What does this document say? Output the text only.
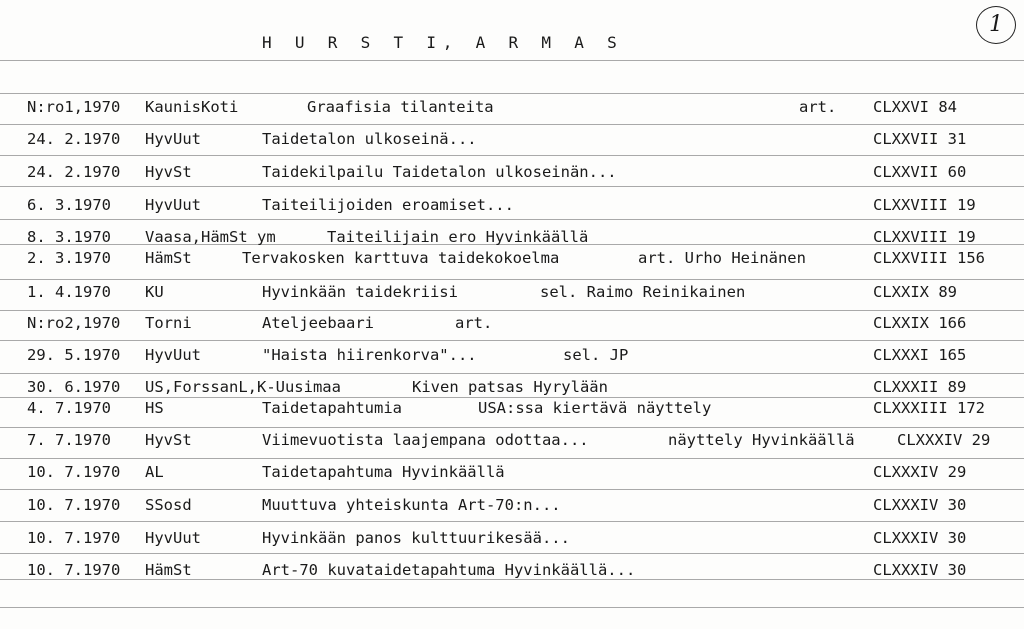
H U R S T I, A R M A S
1
N:ro1,1970 KaunisKoti	Graafisia tilanteita	art. CLXXVI 84
24. 2.1970 HyvUut	Taidetalon ulkoseinä...	CLXXVII 31
24. 2.1970 HyvSt	Taidekilpailu Taidetalon ulkoseinän...	CLXXVII 60
6. 3.1970 HyvUut	Taiteilijoiden eroamiset...	CLXXVIII 19
8. 3.1970 Vaasa,HämSt ym	Taiteilijain ero Hyvinkäällä	CLXXVIII 19
2. 3.1970 HämSt	Tervakosken karttuva taidekokoelma	art. Urho Heinänen	CLXXVIII 156
1. 4.1970 KU	Hyvinkään taidekriisi	sel. Raimo Reinikainen	CLXXIX 89
N:ro2,1970 Torni	Ateljeebaari	art.	CLXXIX 166
29. 5.1970 HyvUut	"Haista hiirenkorva"...	sel. JP	CLXXXI 165
30. 6.1970 US,ForssanL,K-Uusimaa	Kiven patsas Hyrylään	CLXXXII 89
4. 7.1970 HS	Taidetapahtumia	USA:ssa kiertävä näyttely	CLXXXIII 172
7. 7.1970 HyvSt	Viimevuotista laajempana odottaa...	näyttely Hyvinkäällä	CLXXXIV 29
10. 7.1970 AL	Taidetapahtuma Hyvinkäällä	CLXXXIV 29
10. 7.1970 SSosd	Muuttuva yhteiskunta Art-70:n...	CLXXXIV 30
10. 7.1970 HyvUut	Hyvinkään panos kulttuurikesää...	CLXXXIV 30
10. 7.1970 HämSt	Art-70 kuvataidetapahtuma Hyvinkäällä...	CLXXXIV 30
